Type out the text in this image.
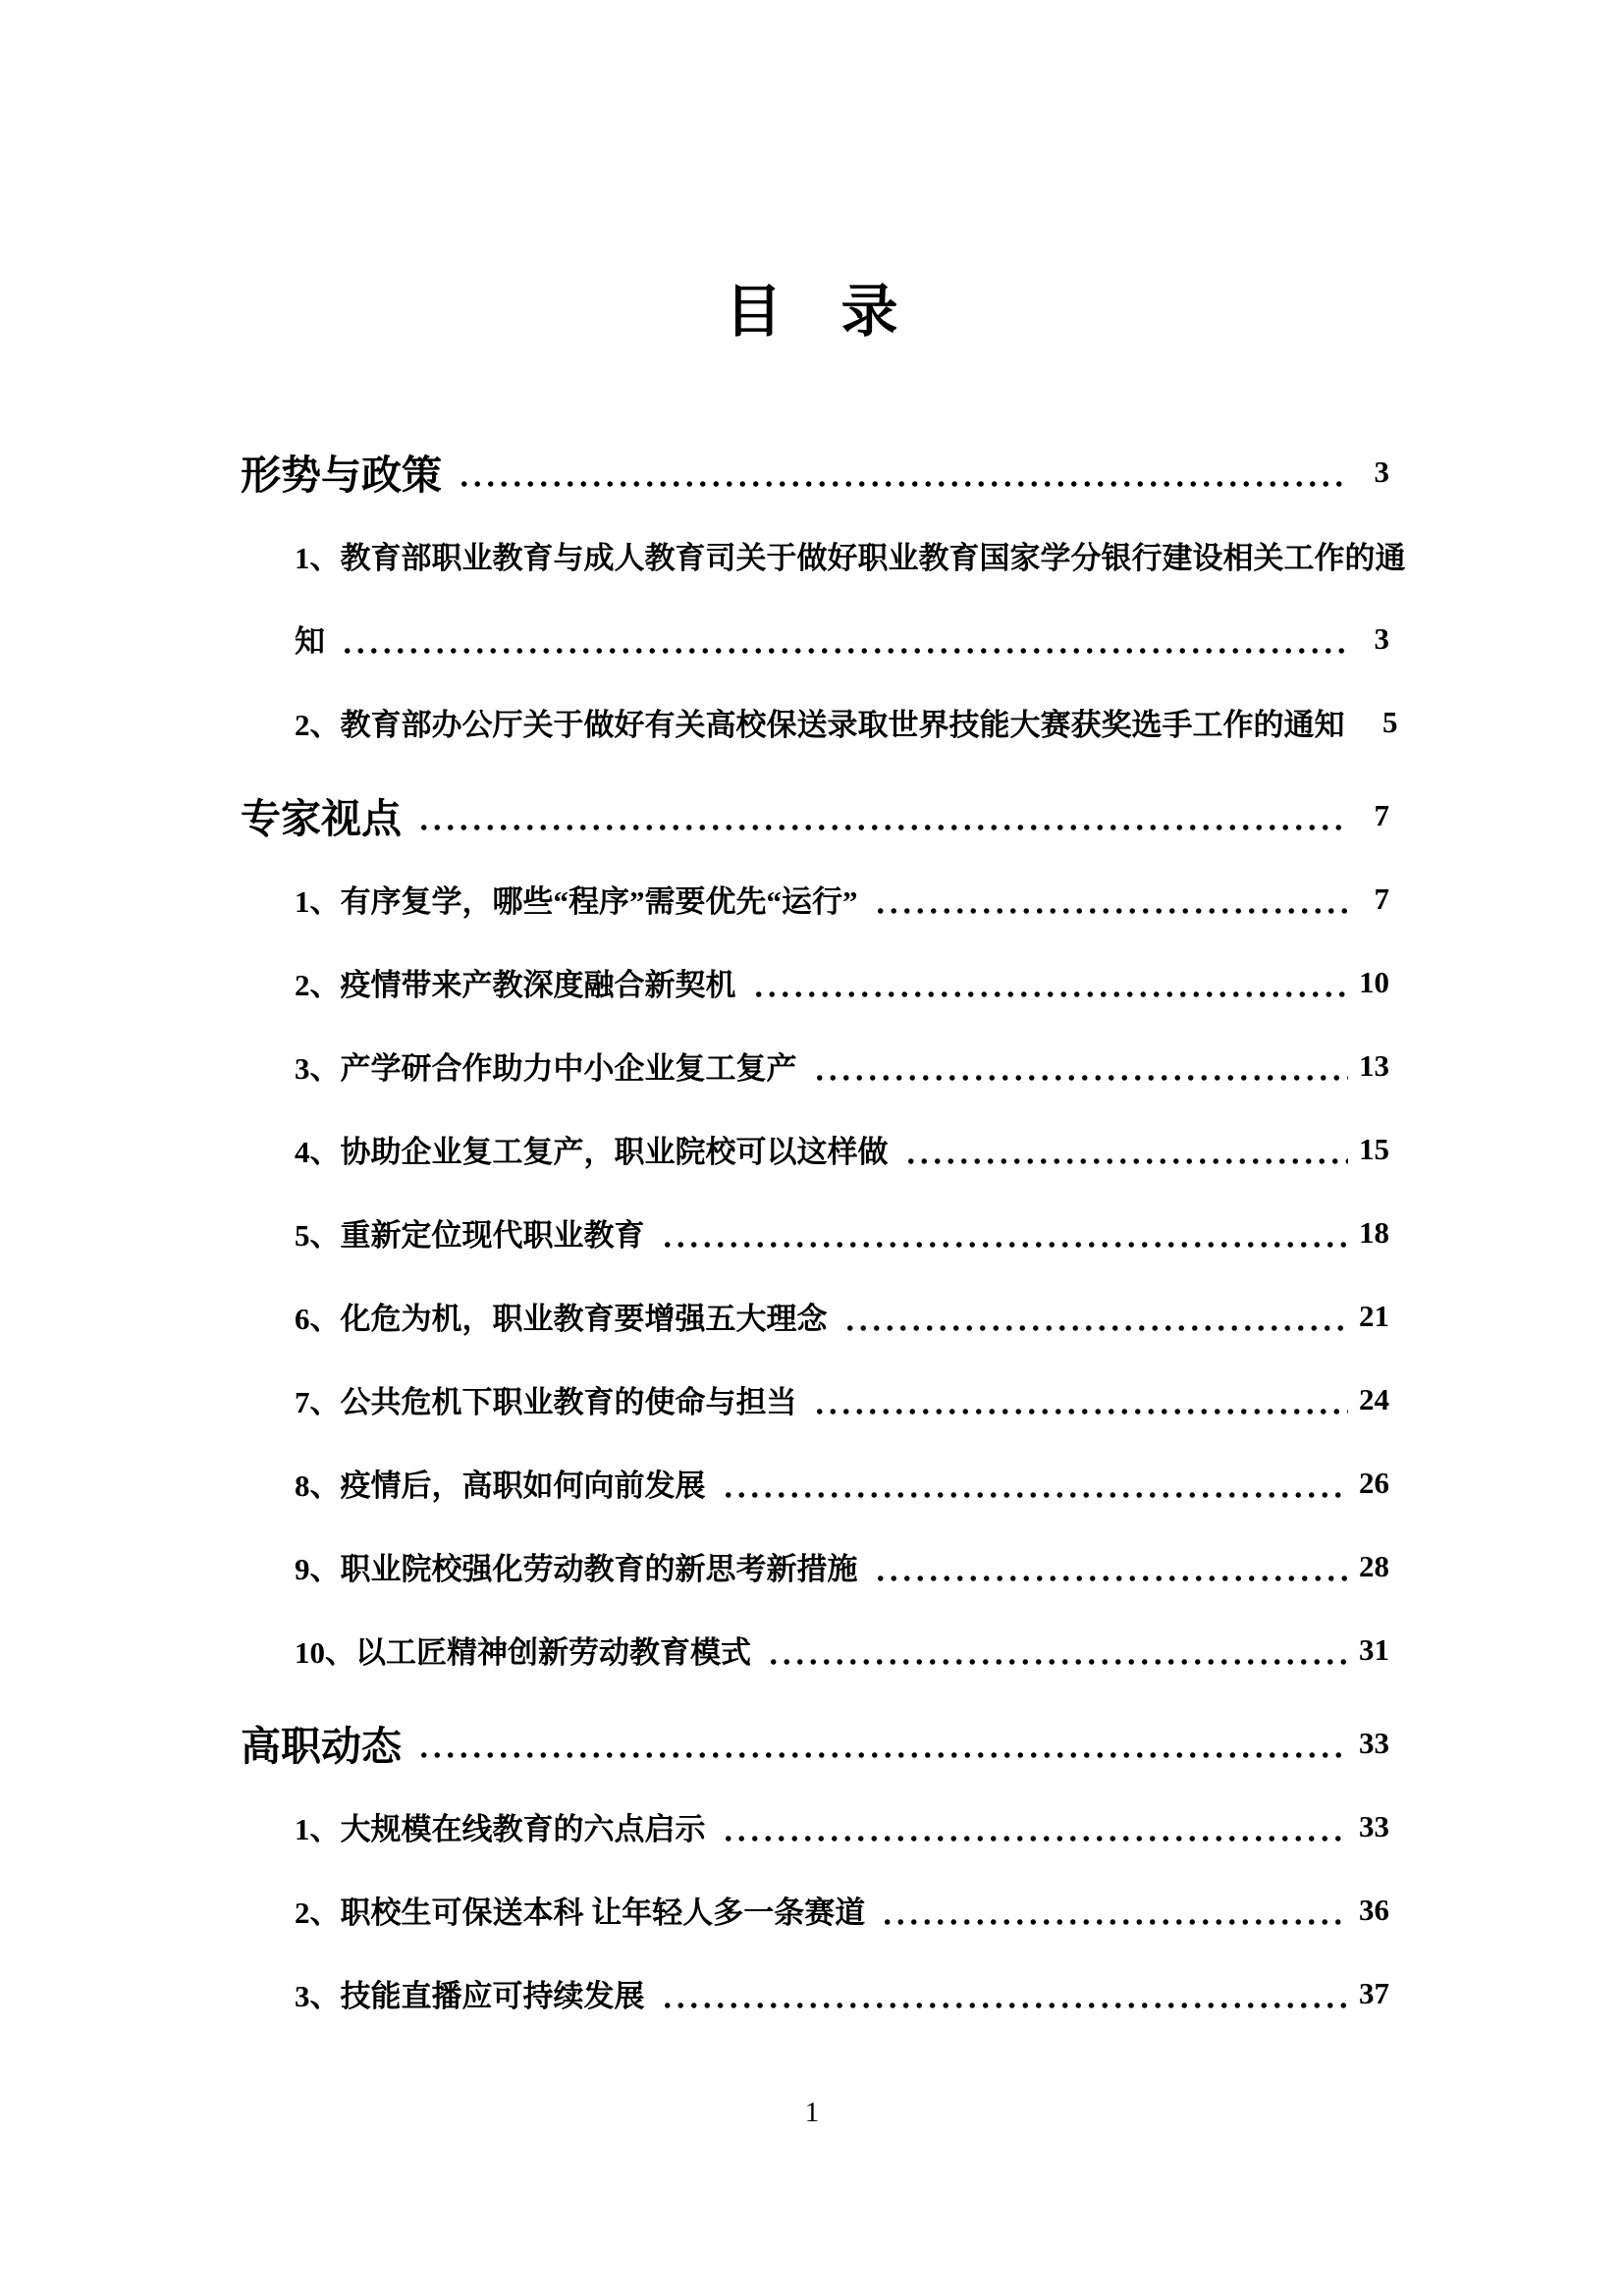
目　录
形势与政策	3
1、教育部职业教育与成人教育司关于做好职业教育国家学分银行建设相关工作的通
知	3
2、教育部办公厅关于做好有关高校保送录取世界技能大赛获奖选手工作的通知	5
专家视点	7
1、有序复学，哪些“程序”需要优先“运行”	7
2、疫情带来产教深度融合新契机	10
3、产学研合作助力中小企业复工复产	13
4、协助企业复工复产，职业院校可以这样做	15
5、重新定位现代职业教育	18
6、化危为机，职业教育要增强五大理念	21
7、公共危机下职业教育的使命与担当	24
8、疫情后，高职如何向前发展	26
9、职业院校强化劳动教育的新思考新措施	28
10、以工匠精神创新劳动教育模式	31
高职动态	33
1、大规模在线教育的六点启示	33
2、职校生可保送本科 让年轻人多一条赛道	36
3、技能直播应可持续发展	37
1
